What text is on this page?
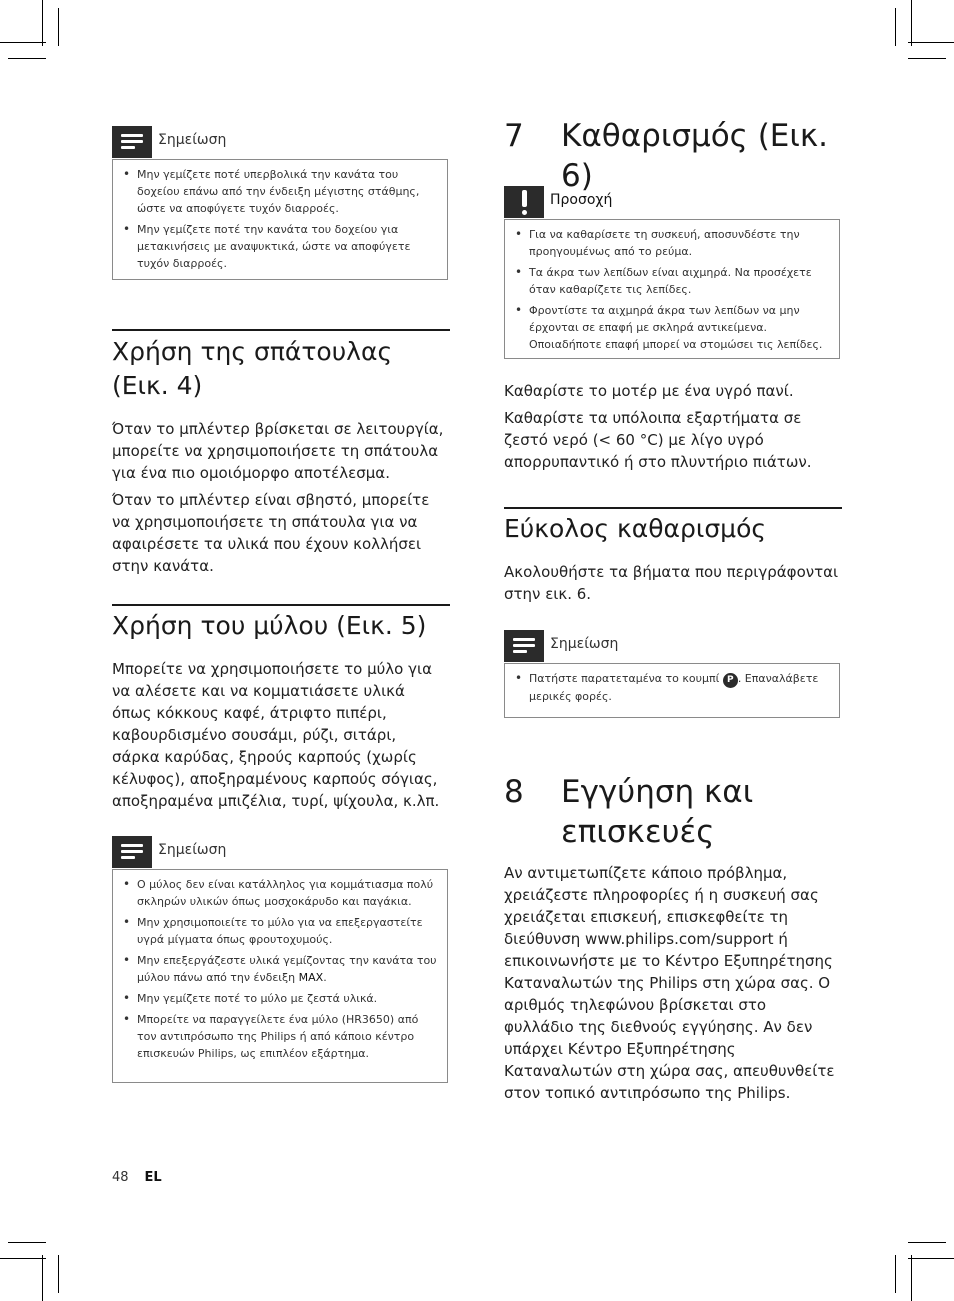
Σημείωση
• Μην γεμίζετε ποτέ υπερβολικά την κανάτα του δοχείου επάνω από την ένδειξη μέγιστης στάθμης, ώστε να αποφύγετε τυχόν διαρροές.
• Μην γεμίζετε ποτέ την κανάτα του δοχείου για μετακινήσεις με αναψυκτικά, ώστε να αποφύγετε τυχόν διαρροές.
Χρήση της σπάτουλας (Εικ. 4)

Όταν το μπλέντερ βρίσκεται σε λειτουργία, μπορείτε να χρησιμοποιήσετε τη σπάτουλα για ένα πιο ομοιόμορφο αποτέλεσμα.

Όταν το μπλέντερ είναι σβηστό, μπορείτε να χρησιμοποιήσετε τη σπάτουλα για να αφαιρέσετε τα υλικά που έχουν κολλήσει στην κανάτα.

Χρήση του μύλου (Εικ. 5)

Μπορείτε να χρησιμοποιήσετε το μύλο για να αλέσετε και να κομματιάσετε υλικά όπως κόκκους καφέ, άτριφτο πιπέρι, καβουρδισμένο σουσάμι, ρύζι, σιτάρι, σάρκα καρύδας, ξηρούς καρπούς (χωρίς κέλυφος), αποξηραμένους καρπούς σόγιας, αποξηραμένα μπιζέλια, τυρί, ψίχουλα, κ.λπ.

Σημείωση
• Ο μύλος δεν είναι κατάλληλος για κομμάτιασμα πολύ σκληρών υλικών όπως μοσχοκάρυδο και παγάκια.
• Μην χρησιμοποιείτε το μύλο για να επεξεργαστείτε υγρά μίγματα όπως φρουτοχυμούς.
• Μην επεξεργάζεστε υλικά γεμίζοντας την κανάτα του μύλου πάνω από την ένδειξη MAX.
• Μην γεμίζετε ποτέ το μύλο με ζεστά υλικά.
• Μπορείτε να παραγγείλετε ένα μύλο (HR3650) από τον αντιπρόσωπο της Philips ή από κάποιο κέντρο επισκευών Philips, ως επιπλέον εξάρτημα.
7 Καθαρισμός (Εικ. 6)
Προσοχή
• Για να καθαρίσετε τη συσκευή, αποσυνδέστε την προηγουμένως από το ρεύμα.
• Τα άκρα των λεπίδων είναι αιχμηρά. Να προσέχετε όταν καθαρίζετε τις λεπίδες.
• Φροντίστε τα αιχμηρά άκρα των λεπίδων να μην έρχονται σε επαφή με σκληρά αντικείμενα. Οποιαδήποτε επαφή μπορεί να στομώσει τις λεπίδες.

Καθαρίστε το μοτέρ με ένα υγρό πανί.

Καθαρίστε τα υπόλοιπα εξαρτήματα σε ζεστό νερό (< 60 °C) με λίγο υγρό απορρυπαντικό ή στο πλυντήριο πιάτων.

Εύκολος καθαρισμός

Ακολουθήστε τα βήματα που περιγράφονται στην εικ. 6.

Σημείωση
• Πατήστε παρατεταμένα το κουμπί P . Επαναλάβετε μερικές φορές.
8 Εγγύηση και επισκευές

Αν αντιμετωπίζετε κάποιο πρόβλημα, χρειάζεστε πληροφορίες ή η συσκευή σας χρειάζεται επισκευή, επισκεφθείτε τη διεύθυνση www.philips.com/support ή επικοινωνήστε με το Κέντρο Εξυπηρέτησης Καταναλωτών της Philips στη χώρα σας. Ο αριθμός τηλεφώνου βρίσκεται στο φυλλάδιο της διεθνούς εγγύησης. Αν δεν υπάρχει Κέντρο Εξυπηρέτησης Καταναλωτών στη χώρα σας, απευθυνθείτε στον τοπικό αντιπρόσωπο της Philips.

48 EL
